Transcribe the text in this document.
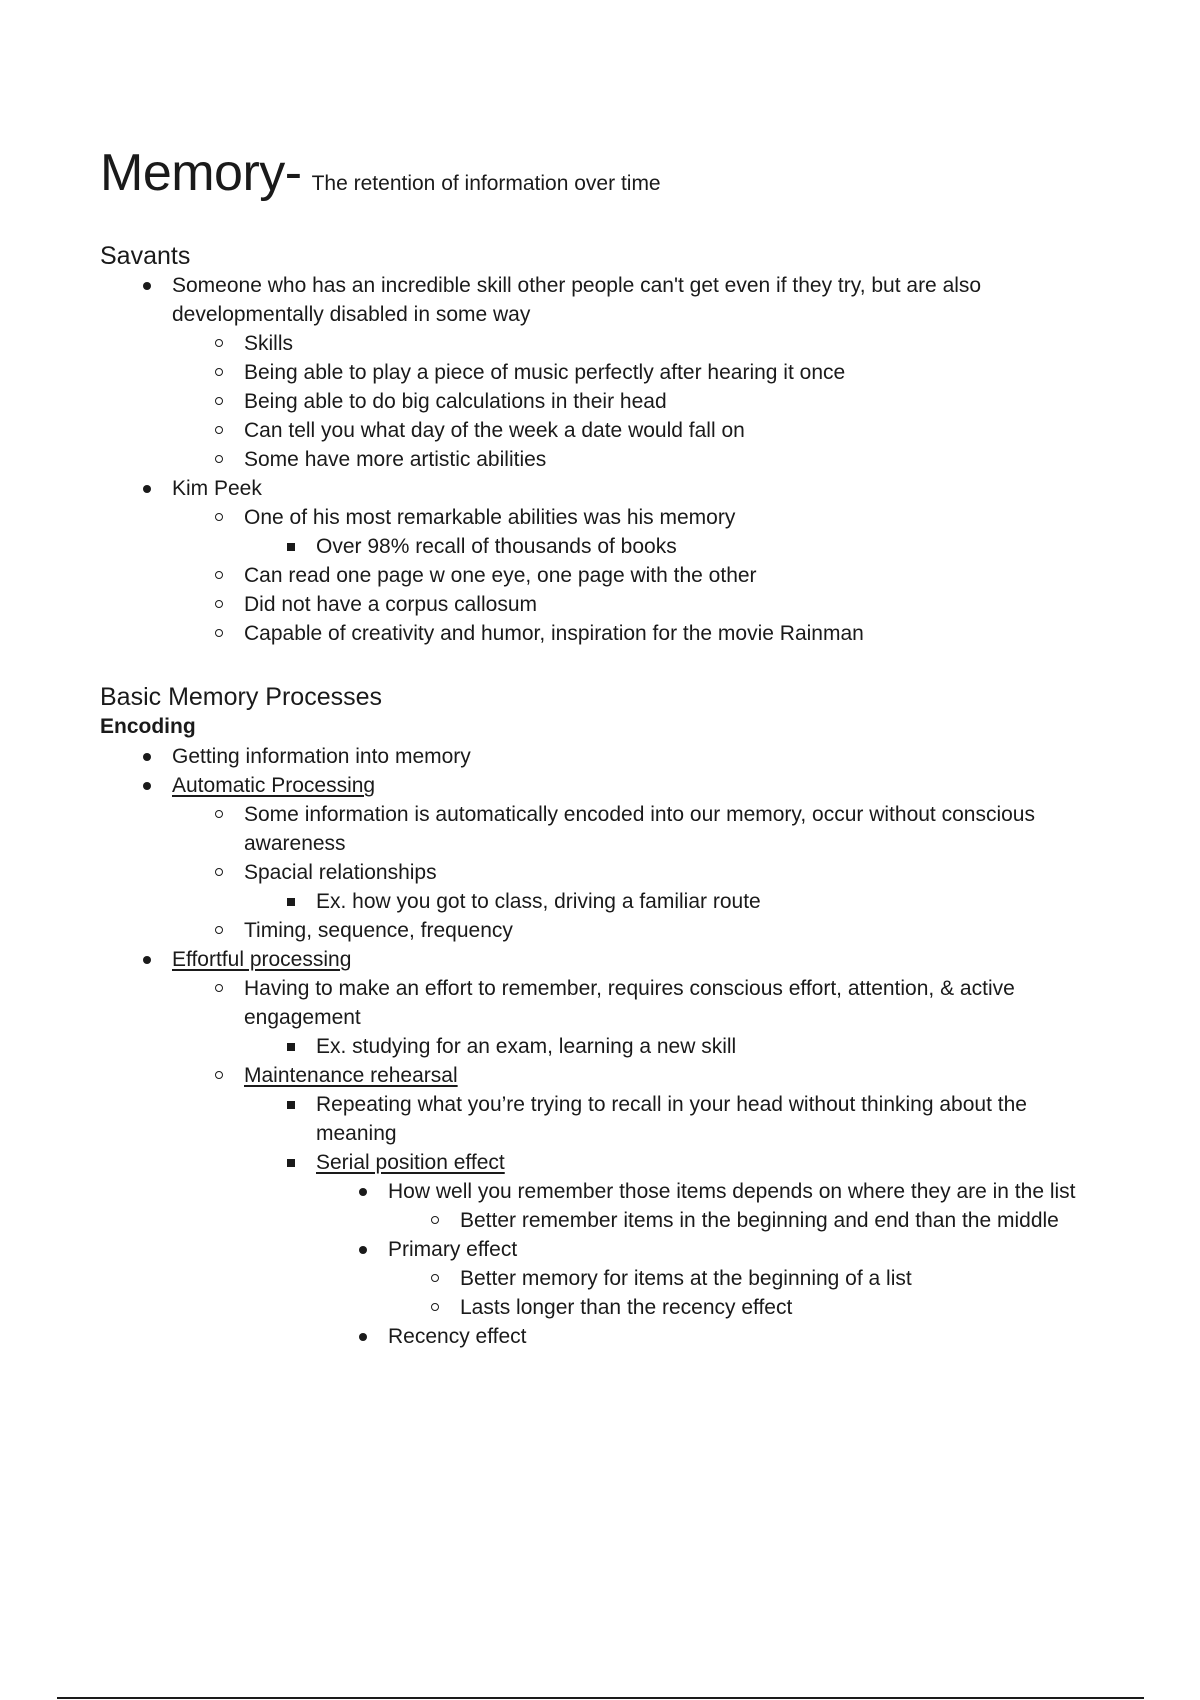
Memory- The retention of information over time
Savants
Someone who has an incredible skill other people can't get even if they try, but are also developmentally disabled in some way
Skills
Being able to play a piece of music perfectly after hearing it once
Being able to do big calculations in their head
Can tell you what day of the week a date would fall on
Some have more artistic abilities
Kim Peek
One of his most remarkable abilities was his memory
Over 98% recall of thousands of books
Can read one page w one eye, one page with the other
Did not have a corpus callosum
Capable of creativity and humor, inspiration for the movie Rainman
Basic Memory Processes
Encoding
Getting information into memory
Automatic Processing
Some information is automatically encoded into our memory, occur without conscious awareness
Spacial relationships
Ex. how you got to class, driving a familiar route
Timing, sequence, frequency
Effortful processing
Having to make an effort to remember, requires conscious effort, attention, & active engagement
Ex. studying for an exam, learning a new skill
Maintenance rehearsal
Repeating what you’re trying to recall in your head without thinking about the meaning
Serial position effect
How well you remember those items depends on where they are in the list
Better remember items in the beginning and end than the middle
Primary effect
Better memory for items at the beginning of a list
Lasts longer than the recency effect
Recency effect
